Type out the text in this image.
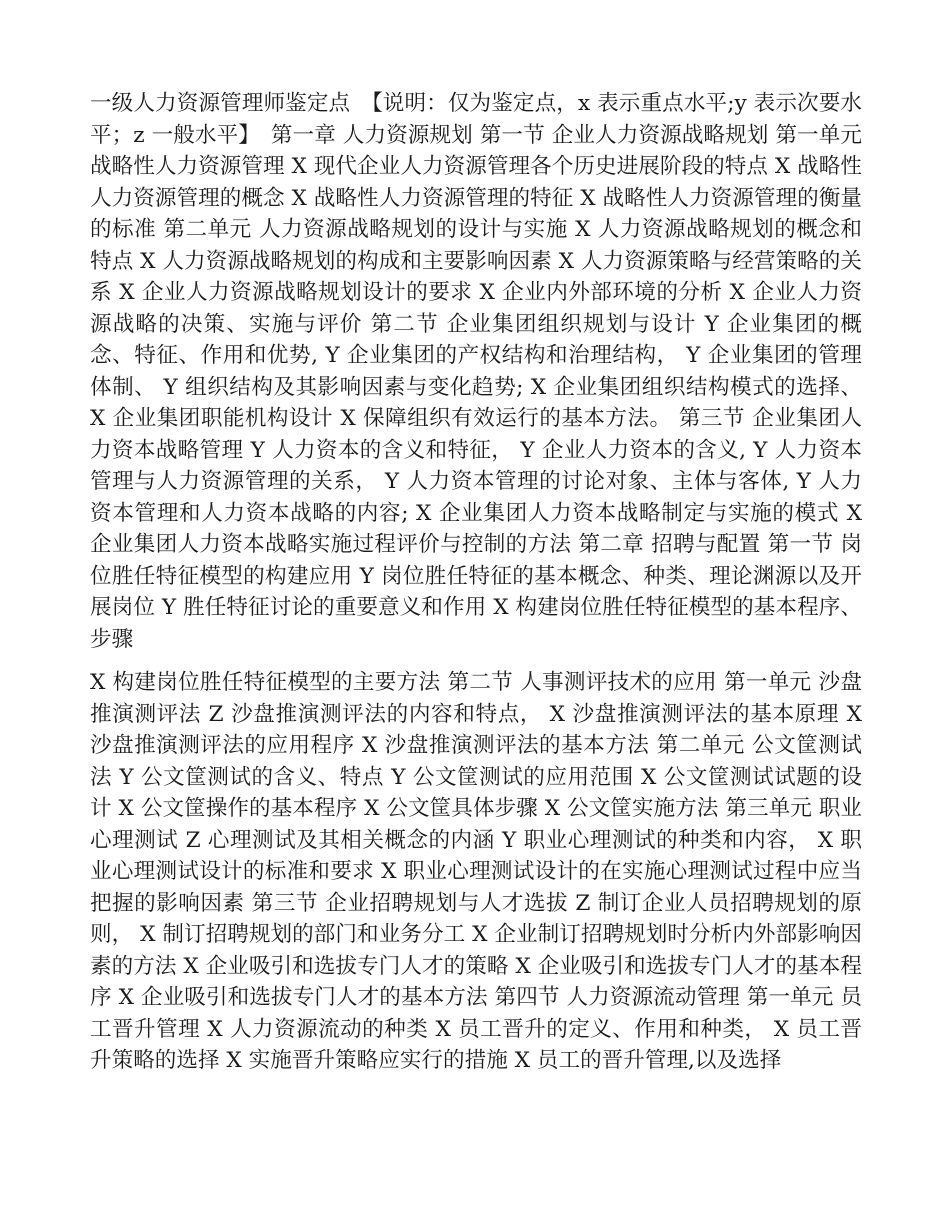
一级人力资源管理师鉴定点　【说明：仅为鉴定点，x 表示重点水平;y 表示次要水平；z 一般水平】　第一章 人力资源规划 第一节 企业人力资源战略规划 第一单元 战略性人力资源管理 X 现代企业人力资源管理各个历史进展阶段的特点 X 战略性人力资源管理的概念 X 战略性人力资源管理的特征 X 战略性人力资源管理的衡量的标准 第二单元 人力资源战略规划的设计与实施 X 人力资源战略规划的概念和特点 X 人力资源战略规划的构成和主要影响因素 X 人力资源策略与经营策略的关系 X 企业人力资源战略规划设计的要求 X 企业内外部环境的分析 X 企业人力资源战略的决策、实施与评价 第二节 企业集团组织规划与设计 Y 企业集团的概念、特征、作用和优势, Y 企业集团的产权结构和治理结构， Y 企业集团的管理体制、 Y 组织结构及其影响因素与变化趋势; X 企业集团组织结构模式的选择、 X 企业集团职能机构设计 X 保障组织有效运行的基本方法。 第三节 企业集团人力资本战略管理 Y 人力资本的含义和特征， Y 企业人力资本的含义, Y 人力资本管理与人力资源管理的关系， Y 人力资本管理的讨论对象、主体与客体, Y 人力资本管理和人力资本战略的内容; X 企业集团人力资本战略制定与实施的模式 X 企业集团人力资本战略实施过程评价与控制的方法 第二章 招聘与配置 第一节 岗位胜任特征模型的构建应用 Y 岗位胜任特征的基本概念、种类、理论渊源以及开展岗位 Y 胜任特征讨论的重要意义和作用 X 构建岗位胜任特征模型的基本程序、步骤

X 构建岗位胜任特征模型的主要方法 第二节 人事测评技术的应用 第一单元 沙盘推演测评法 Z 沙盘推演测评法的内容和特点， X 沙盘推演测评法的基本原理 X 沙盘推演测评法的应用程序 X 沙盘推演测评法的基本方法 第二单元 公文筐测试法 Y 公文筐测试的含义、特点 Y 公文筐测试的应用范围 X 公文筐测试试题的设计 X 公文筐操作的基本程序 X 公文筐具体步骤 X 公文筐实施方法 第三单元 职业心理测试 Z 心理测试及其相关概念的内涵 Y 职业心理测试的种类和内容， X 职业心理测试设计的标准和要求 X 职业心理测试设计的在实施心理测试过程中应当把握的影响因素 第三节 企业招聘规划与人才选拔 Z 制订企业人员招聘规划的原则， X 制订招聘规划的部门和业务分工 X 企业制订招聘规划时分析内外部影响因素的方法 X 企业吸引和选拔专门人才的策略 X 企业吸引和选拔专门人才的基本程序 X 企业吸引和选拔专门人才的基本方法 第四节 人力资源流动管理 第一单元 员工晋升管理 X 人力资源流动的种类 X 员工晋升的定义、作用和种类， X 员工晋升策略的选择 X 实施晋升策略应实行的措施 X 员工的晋升管理,以及选择
